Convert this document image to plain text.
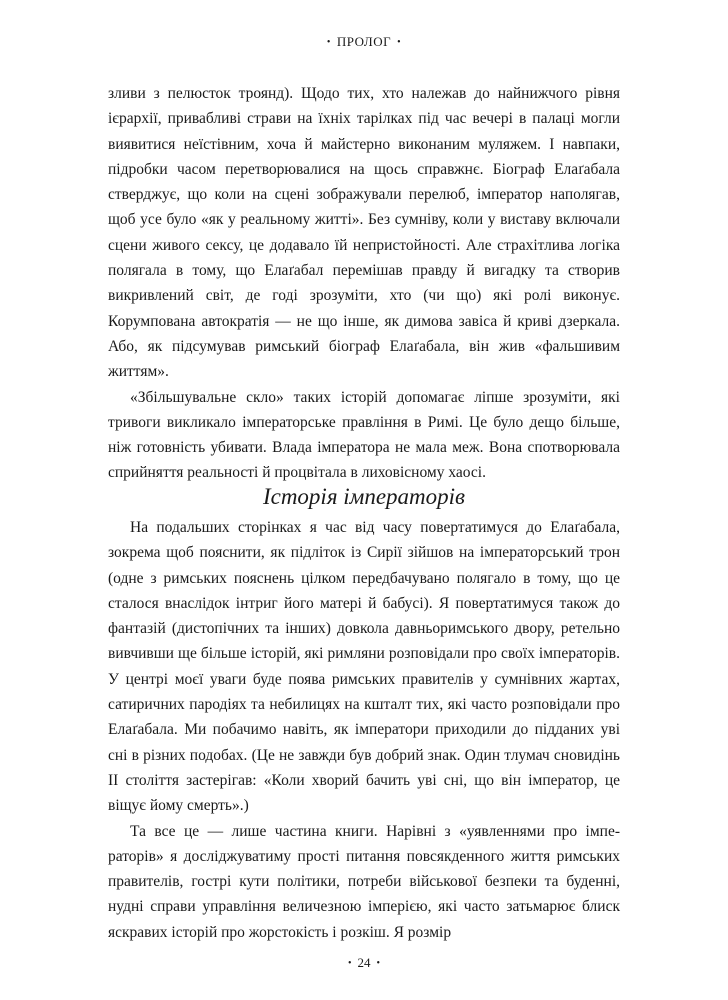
• ПРОЛОГ •

зливи з пелюсток троянд). Щодо тих, хто належав до найнижчого рівня ієрархії, привабливі страви на їхніх тарілках під час вечері в палаці могли виявитися неїстівним, хоча й майстерно виконаним муляжем. І навпаки, підробки часом перетворювалися на щось справжнє. Біограф Елаґабала стверджує, що коли на сцені зображували перелюб, імператор наполягав, щоб усе було «як у реальному житті». Без сумніву, коли у виставу включали сцени живого сексу, це додавало їй непристойності. Але страхітлива логіка полягала в тому, що Елаґабал перемішав правду й вигадку та створив викривлений світ, де годі зрозуміти, хто (чи що) які ролі виконує. Корумпована автократія — не що інше, як димова завіса й криві дзеркала. Або, як підсумував римський біограф Елаґабала, він жив «фальшивим життям».

«Збільшувальне скло» таких історій допомагає ліпше зрозуміти, які тривоги викликало імператорське правління в Римі. Це було дещо більше, ніж готовність убивати. Влада імператора не мала меж. Вона спотворювала сприйняття реальності й процвітала в лиховісному хаосі.

Історія імператорів

На подальших сторінках я час від часу повертатимуся до Елаґабала, зокрема щоб пояснити, як підліток із Сирії зійшов на імператорський трон (одне з римських пояснень цілком передбачувано полягало в тому, що це сталося внаслідок інтриг його матері й бабусі). Я повертатимуся також до фантазій (дистопічних та інших) довкола давньоримського двору, ретельно вивчивши ще більше історій, які римляни розповідали про своїх імператорів. У центрі моєї уваги буде поява римських правителів у сумнівних жартах, сатиричних пародіях та небилицях на кшталт тих, які часто розповідали про Елаґабала. Ми побачимо навіть, як імператори приходили до підданих уві сні в різних подобах. (Це не завжди був добрий знак. Один тлумач сновидінь ІІ століття застерігав: «Коли хворий бачить уві сні, що він імператор, це віщує йому смерть».)

Та все це — лише частина книги. Нарівні з «уявленнями про імператорів» я досліджуватиму прості питання повсякденного життя римських правителів, гострі кути політики, потреби військової безпеки та буденні, нудні справи управління величезною імперією, які часто затьмарює блиск яскравих історій про жорстокість і розкіш. Я розмір

• 24 •
